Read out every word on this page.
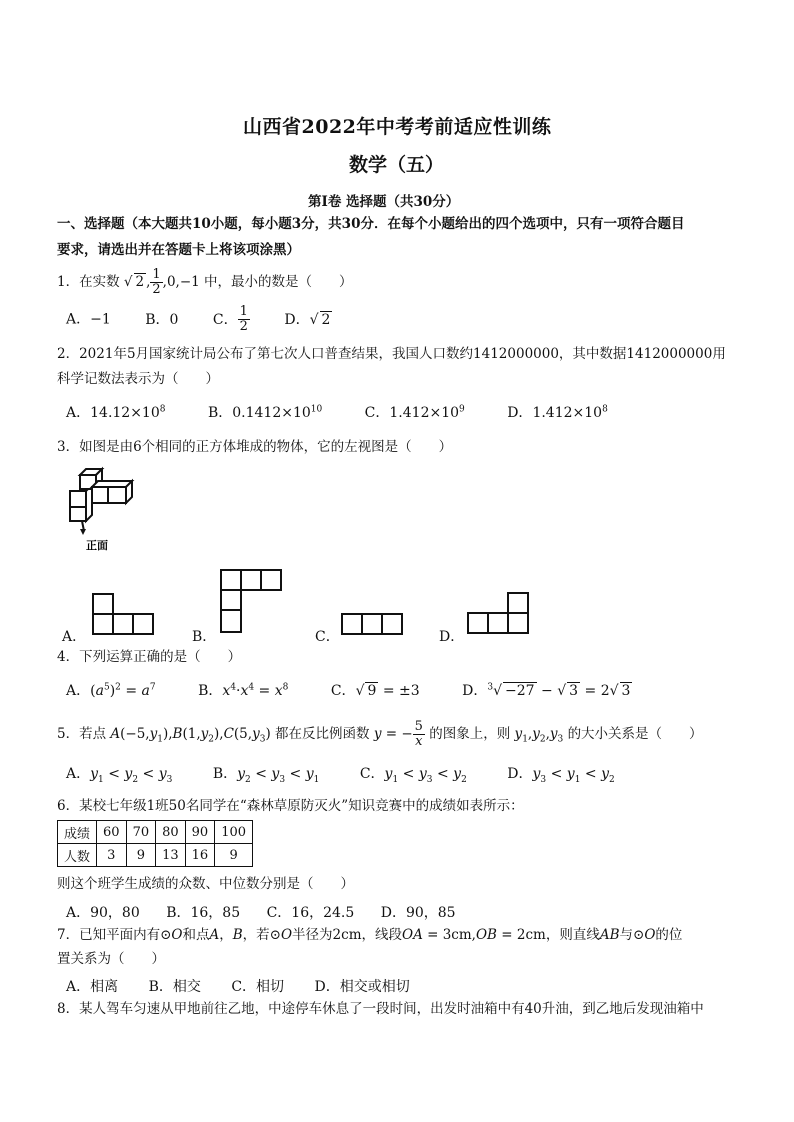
山西省2022年中考考前适应性训练
数学（五）
第Ⅰ卷 选择题（共30分）
一、选择题（本大题共10小题，每小题3分，共30分．在每个小题给出的四个选项中，只有一项符合题目
要求，请选出并在答题卡上将该项涂黑）
1．在实数 √ 2 , $\frac{1}{2} ,0,-1$ 中，最小的数是（　　）
A．−1 B．0 C． $\frac{1}{2}$ D．√ 2
2．2021年5月国家统计局公布了第七次人口普查结果，我国人口数约1412000000，其中数据1412000000用
科学记数法表示为（　　）
A．$14.12\times 10^8$	B．$0.1412\times 10^{10}$	C．$1.412\times 10^9$	D．$1.412\times 10^8$
3．如图是由6个相同的正方体堆成的物体，它的左视图是（　　）
正面
A．	B．	C．	D．
4．下列运算正确的是（　　）
A．$(a^5)^2 = a^7$	B．$x^4\cdot x^4 = x^8$	C．√ 9 = ±3	D．$^3$√ −27 − √ 3 = 2√ 3
5．若点 $A(-5,y_1),B(1,y_2),C(5,y_3)$ 都在反比例函数 y = − $\frac{5}{x}$ 的图象上，则 $y_1,y_2,y_3$ 的大小关系是（　　）
A．$y_1 < y_2 < y_3$	B．$y_2 < y_3 < y_1$	C．$y_1 < y_3 < y_2$	D．$y_3 < y_1 < y_2$
6．某校七年级1班50名同学在“森林草原防灭火”知识竞赛中的成绩如表所示：
成绩	60	70	80	90	100
人数	3	9	13	16	9
则这个班学生成绩的众数、中位数分别是（　　）
A．90，80 B．16，85 C．16，24.5 D．90，85
7．已知平面内有⊙O和点A，B，若⊙O半径为2cm，线段OA = 3cm,OB = 2cm，则直线AB与⊙O的位
置关系为（　　）
A．相离 B．相交 C．相切 D．相交或相切
8．某人驾车匀速从甲地前往乙地，中途停车休息了一段时间，出发时油箱中有40升油，到乙地后发现油箱中
